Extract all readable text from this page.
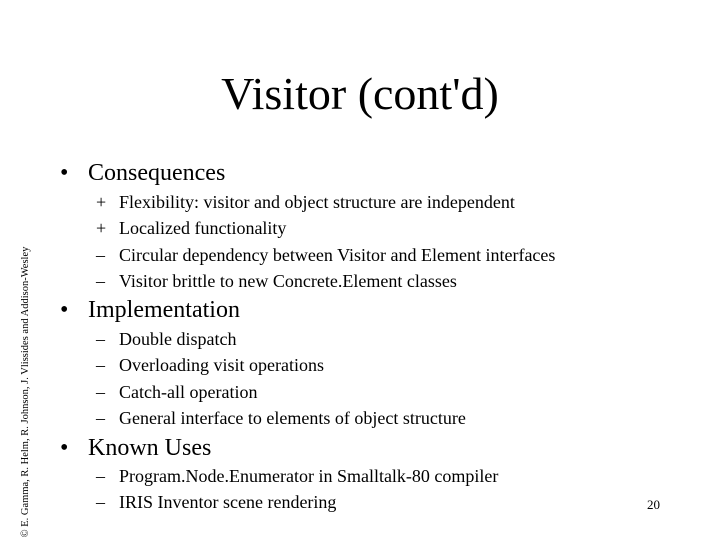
Visitor (cont'd)
© E. Gamma, R. Helm, R. Johnson, J. Vlissides and Addison-Wesley
• Consequences
+ Flexibility: visitor and object structure are independent
+ Localized functionality
– Circular dependency between Visitor and Element interfaces
– Visitor brittle to new Concrete.Element classes
• Implementation
– Double dispatch
– Overloading visit operations
– Catch-all operation
– General interface to elements of object structure
• Known Uses
– Program.Node.Enumerator in Smalltalk-80 compiler
– IRIS Inventor scene rendering	20
